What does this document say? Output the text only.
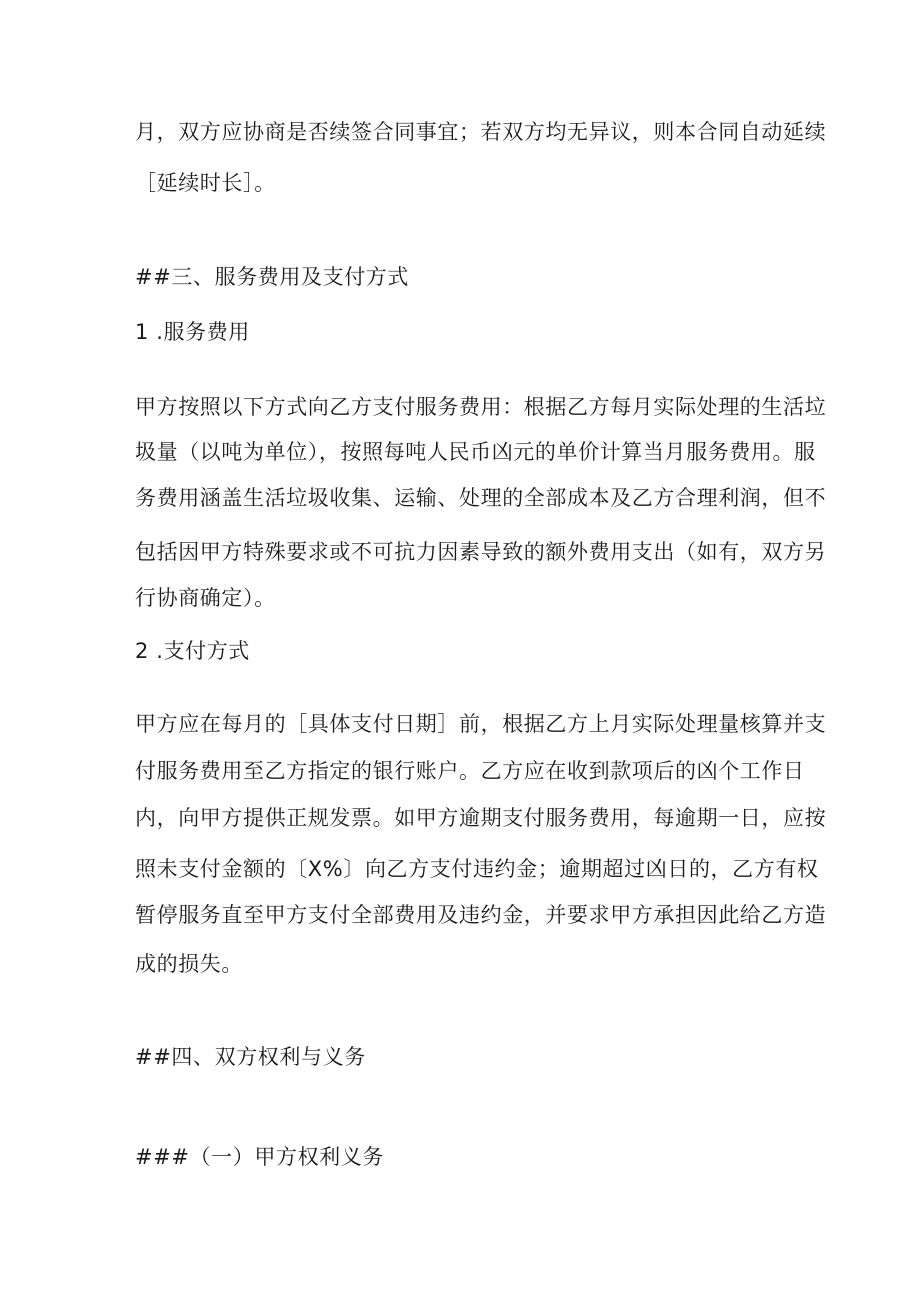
月，双方应协商是否续签合同事宜；若双方均无异议，则本合同自动延续
［延续时长］。
##三、服务费用及支付方式
1 .服务费用
甲方按照以下方式向乙方支付服务费用：根据乙方每月实际处理的生活垃
圾量（以吨为单位），按照每吨人民币凶元的单价计算当月服务费用。服
务费用涵盖生活垃圾收集、运输、处理的全部成本及乙方合理利润，但不
包括因甲方特殊要求或不可抗力因素导致的额外费用支出（如有，双方另
行协商确定）。
2 .支付方式
甲方应在每月的［具体支付日期］前，根据乙方上月实际处理量核算并支
付服务费用至乙方指定的银行账户。乙方应在收到款项后的凶个工作日
内，向甲方提供正规发票。如甲方逾期支付服务费用，每逾期一日，应按
照未支付金额的〔X%〕向乙方支付违约金；逾期超过凶日的，乙方有权
暂停服务直至甲方支付全部费用及违约金，并要求甲方承担因此给乙方造
成的损失。
##四、双方权利与义务
###（一）甲方权利义务
